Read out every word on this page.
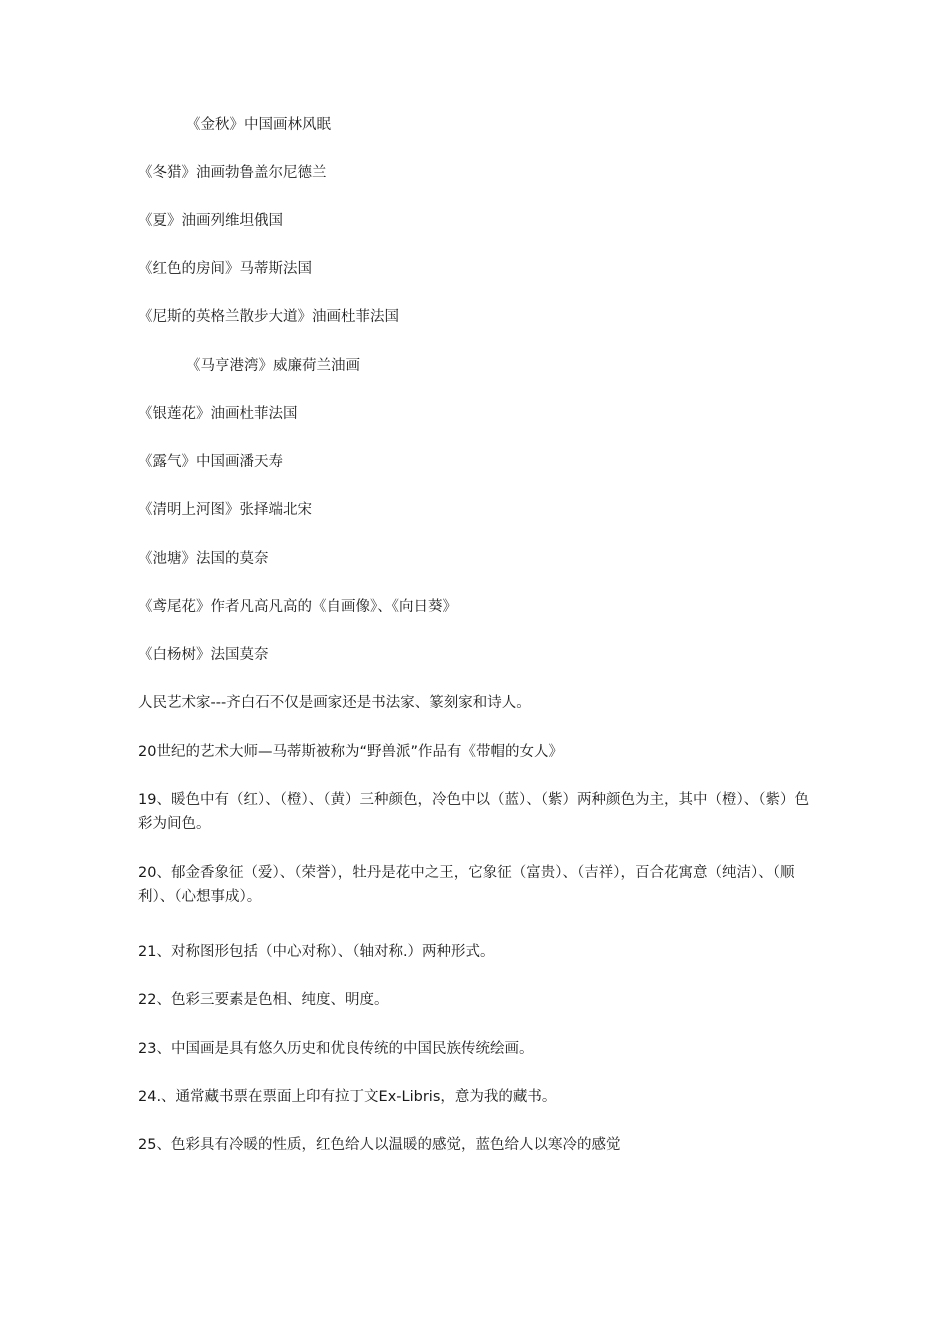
《金秋》中国画林风眠
《冬猎》油画勃鲁盖尔尼德兰
《夏》油画列维坦俄国
《红色的房间》马蒂斯法国
《尼斯的英格兰散步大道》油画杜菲法国
《马亨港湾》威廉荷兰油画
《银莲花》油画杜菲法国
《露气》中国画潘天寿
《清明上河图》张择端北宋
《池塘》法国的莫奈
《鸢尾花》作者凡高凡高的《自画像》、《向日葵》
《白杨树》法国莫奈
人民艺术家---齐白石不仅是画家还是书法家、篆刻家和诗人。
20世纪的艺术大师—马蒂斯被称为“野兽派”作品有《带帽的女人》
19、暖色中有（红）、（橙）、（黄）三种颜色，冷色中以（蓝）、（紫）两种颜色为主，其中（橙）、（紫）色彩为间色。
20、郁金香象征（爱）、（荣誉），牡丹是花中之王，它象征（富贵）、（吉祥），百合花寓意（纯洁）、（顺利）、（心想事成）。
21、对称图形包括（中心对称）、（轴对称.）两种形式。
22、色彩三要素是色相、纯度、明度。
23、中国画是具有悠久历史和优良传统的中国民族传统绘画。
24.、通常藏书票在票面上印有拉丁文Ex-Libris，意为我的藏书。
25、色彩具有冷暖的性质，红色给人以温暖的感觉，蓝色给人以寒冷的感觉
